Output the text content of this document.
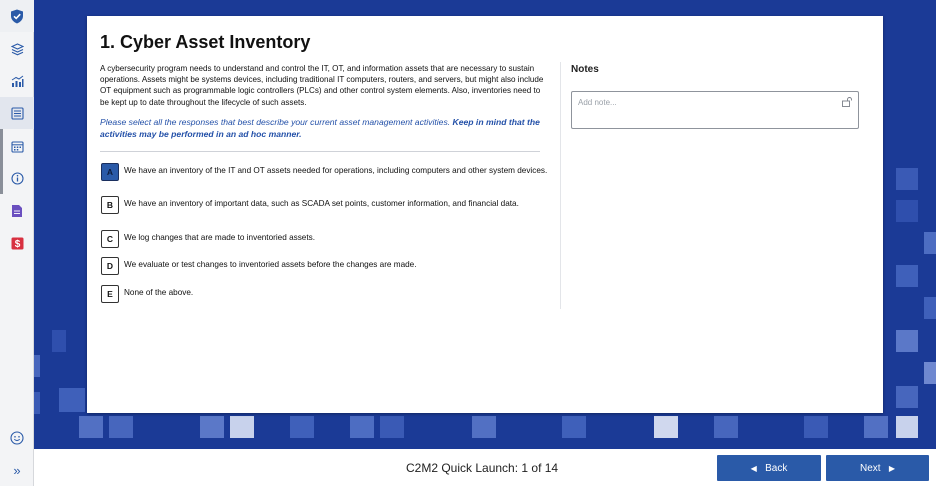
$
»
1. Cyber Asset Inventory
A cybersecurity program needs to understand and control the IT, OT, and information assets that are necessary to sustain operations. Assets might be systems devices, including traditional IT computers, routers, and servers, but might also include OT equipment such as programmable logic controllers (PLCs) and other control system elements. Also, inventories need to be kept up to date throughout the lifecycle of such assets.
Please select all the responses that best describe your current asset management activities. Keep in mind that the activities may be performed in an ad hoc manner.
A	We have an inventory of the IT and OT assets needed for operations, including computers and other system devices.
B	We have an inventory of important data, such as SCADA set points, customer information, and financial data.
C	We log changes that are made to inventoried assets.
D	We evaluate or test changes to inventoried assets before the changes are made.
E	None of the above.
Notes
Add note...
C2M2 Quick Launch: 1 of 14	◀
Back	Next
▶
